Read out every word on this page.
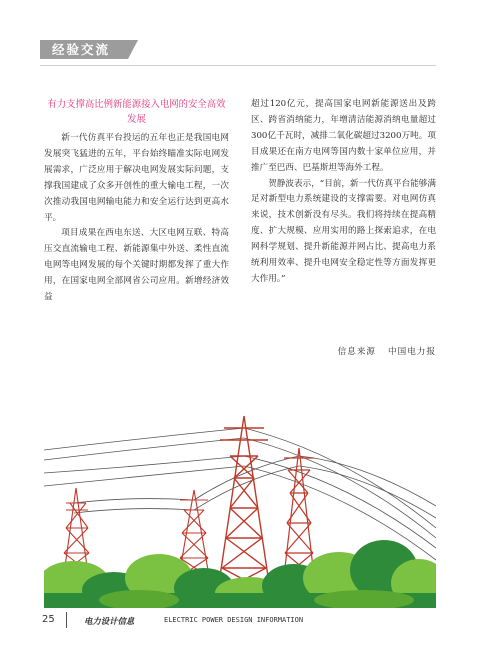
经验交流
有力支撑高比例新能源接入电网的安全高效发展

新一代仿真平台投运的五年也正是我国电网发展突飞猛进的五年，平台始终瞄准实际电网发展需求，广泛应用于解决电网发展实际问题，支撑我国建成了众多开创性的重大输电工程，一次次推动我国电网输电能力和安全运行达到更高水平。

项目成果在西电东送、大区电网互联、特高压交直流输电工程、新能源集中外送、柔性直流电网等电网发展的每个关键时期都发挥了重大作用，在国家电网全部网省公司应用。新增经济效益

超过120亿元，提高国家电网新能源送出及跨区、跨省消纳能力，年增清洁能源消纳电量超过300亿千瓦时，减排二氧化碳超过3200万吨。项目成果还在南方电网等国内数十家单位应用，并推广至巴西、巴基斯坦等海外工程。

贺静波表示，“目前，新一代仿真平台能够满足对新型电力系统建设的支撑需要。对电网仿真来说，技术创新没有尽头。我们将持续在提高精度、扩大规模、应用实用的路上探索追求，在电网科学规划、提升新能源并网占比、提高电力系统利用效率、提升电网安全稳定性等方面发挥更大作用。”

信息来源 中国电力报
25	电力设计信息	ELECTRIC POWER DESIGN INFORMATION
